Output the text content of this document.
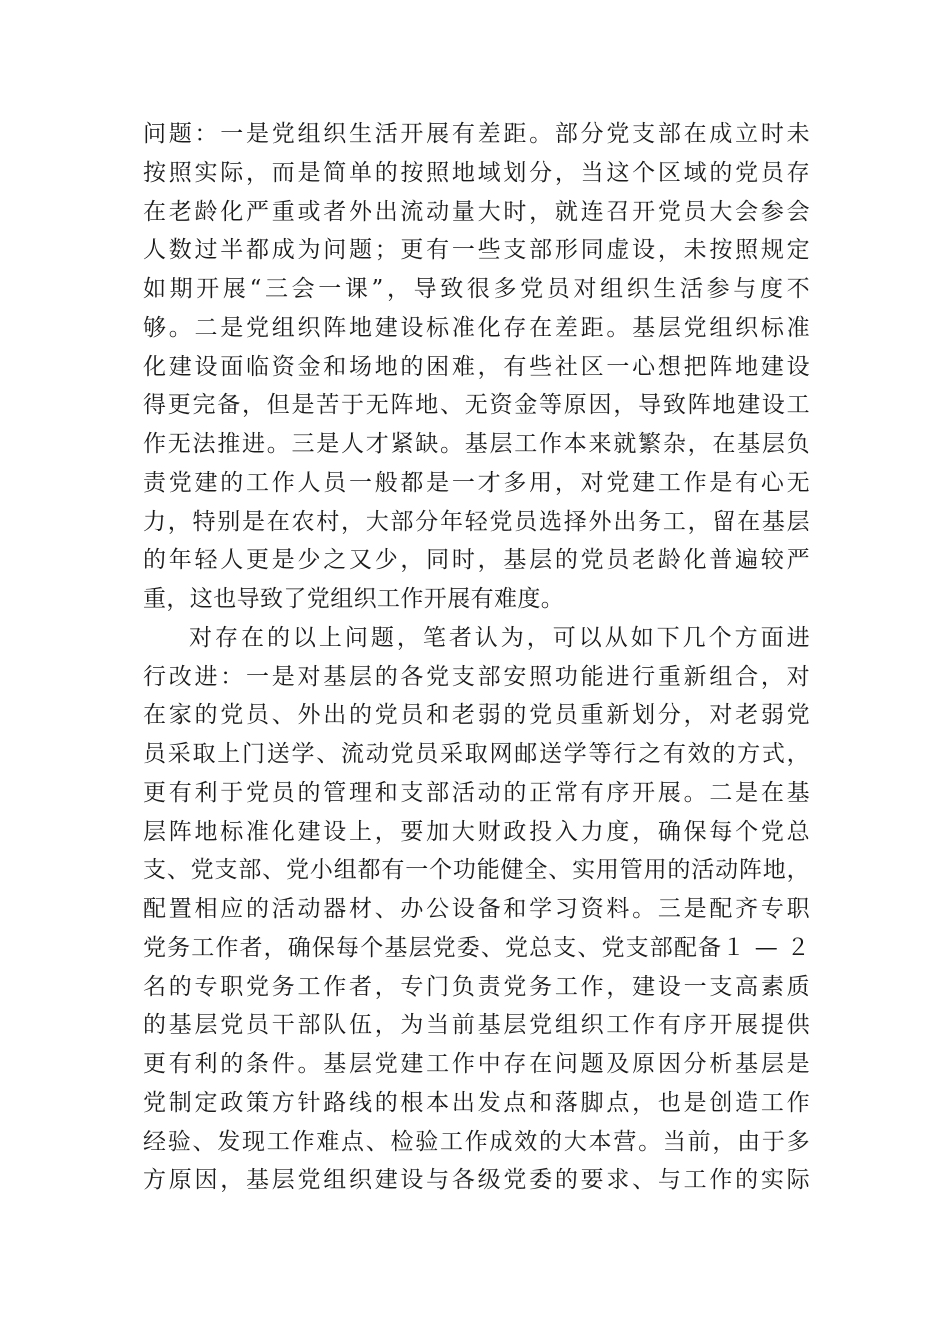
问题：一是党组织生活开展有差距。部分党支部在成立时未
按照实际，而是简单的按照地域划分，当这个区域的党员存
在老龄化严重或者外出流动量大时，就连召开党员大会参会
人数过半都成为问题；更有一些支部形同虚设，未按照规定
如期开展“三会一课”，导致很多党员对组织生活参与度不
够。二是党组织阵地建设标准化存在差距。基层党组织标准
化建设面临资金和场地的困难，有些社区一心想把阵地建设
得更完备，但是苦于无阵地、无资金等原因，导致阵地建设工
作无法推进。三是人才紧缺。基层工作本来就繁杂，在基层负
责党建的工作人员一般都是一才多用，对党建工作是有心无
力，特别是在农村，大部分年轻党员选择外出务工，留在基层
的年轻人更是少之又少，同时，基层的党员老龄化普遍较严
重，这也导致了党组织工作开展有难度。
对存在的以上问题，笔者认为，可以从如下几个方面进
行改进：一是对基层的各党支部安照功能进行重新组合，对
在家的党员、外出的党员和老弱的党员重新划分，对老弱党
员采取上门送学、流动党员采取网邮送学等行之有效的方式，
更有利于党员的管理和支部活动的正常有序开展。二是在基
层阵地标准化建设上，要加大财政投入力度，确保每个党总
支、党支部、党小组都有一个功能健全、实用管用的活动阵地，
配置相应的活动器材、办公设备和学习资料。三是配齐专职
党务工作者，确保每个基层党委、党总支、党支部配备１ — ２
名的专职党务工作者，专门负责党务工作，建设一支高素质
的基层党员干部队伍，为当前基层党组织工作有序开展提供
更有利的条件。基层党建工作中存在问题及原因分析基层是
党制定政策方针路线的根本出发点和落脚点，也是创造工作
经验、发现工作难点、检验工作成效的大本营。当前，由于多
方原因，基层党组织建设与各级党委的要求、与工作的实际
